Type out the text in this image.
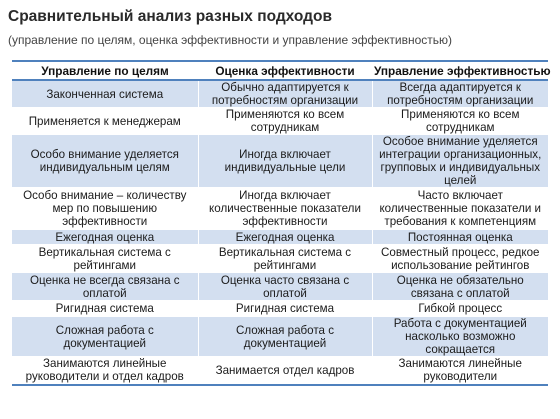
Сравнительный анализ разных подходов
(управление по целям, оценка эффективности и управление эффективностью)
Управление по целям	Оценка эффективности	Управление эффективностью
Законченная система	Обычно адаптируется к потребностям организации	Всегда адаптируется к потребностям организации
Применяется к менеджерам	Применяются ко всем сотрудникам	Применяются ко всем сотрудникам
Особо внимание уделяется индивидуальным целям	Иногда включает индивидуальные цели	Особое внимание уделяется интеграции организационных, групповых и индивидуальных целей
Особо внимание – количеству мер по повышению эффективности	Иногда включает количественные показатели эффективности	Часто включает количественные показатели и требования к компетенциям
Ежегодная оценка	Ежегодная оценка	Постоянная оценка
Вертикальная система с рейтингами	Вертикальная система с рейтингами	Совместный процесс, редкое использование рейтингов
Оценка не всегда связана с оплатой	Оценка часто связана с оплатой	Оценка не обязательно связана с оплатой
Ригидная система	Ригидная система	Гибкой процесс
Сложная работа с документацией	Сложная работа с документацией	Работа с документацией насколько возможно сокращается
Занимаются линейные руководители и отдел кадров	Занимается отдел кадров	Занимаются линейные руководители
